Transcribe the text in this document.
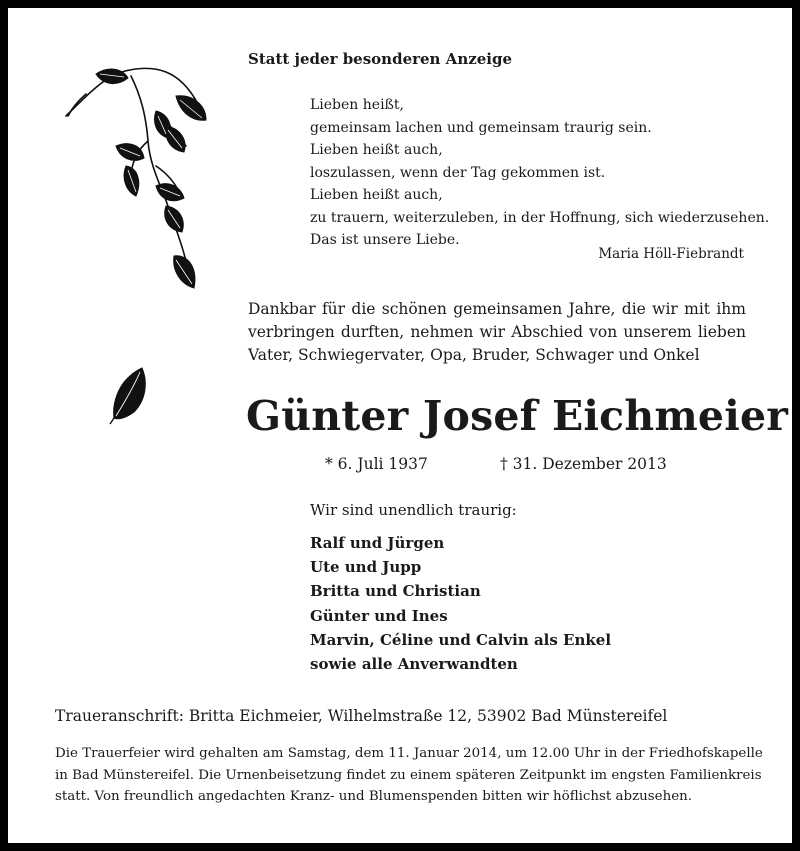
Statt jeder besonderen Anzeige
Lieben heißt,
gemeinsam lachen und gemeinsam traurig sein.
Lieben heißt auch,
loszulassen, wenn der Tag gekommen ist.
Lieben heißt auch,
zu trauern, weiterzuleben, in der Hoffnung, sich wiederzusehen.
Das ist unsere Liebe.
Maria Höll-Fiebrandt
Dankbar für die schönen gemeinsamen Jahre, die wir mit ihm
verbringen durften, nehmen wir Abschied von unserem lieben
Vater, Schwiegervater, Opa, Bruder, Schwager und Onkel
Günter Josef Eichmeier
* 6. Juli 1937	† 31. Dezember 2013
Wir sind unendlich traurig:
Ralf und Jürgen
Ute und Jupp
Britta und Christian
Günter und Ines
Marvin, Céline und Calvin als Enkel
sowie alle Anverwandten
Traueranschrift: Britta Eichmeier, Wilhelmstraße 12, 53902 Bad Münstereifel
Die Trauerfeier wird gehalten am Samstag, dem 11. Januar 2014, um 12.00 Uhr in der Friedhofskapelle
in Bad Münstereifel. Die Urnenbeisetzung findet zu einem späteren Zeitpunkt im engsten Familienkreis
statt. Von freundlich angedachten Kranz- und Blumenspenden bitten wir höflichst abzusehen.
